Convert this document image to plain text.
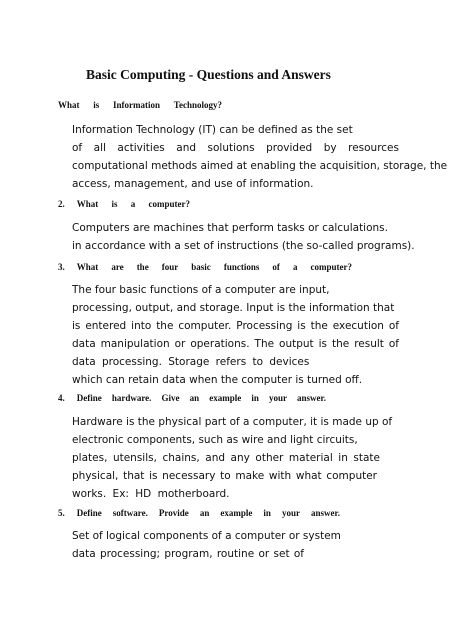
Basic Computing - Questions and Answers
What is Information Technology?
Information Technology (IT) can be defined as the set
of all activities and solutions provided by resources
computational methods aimed at enabling the acquisition, storage, the
access, management, and use of information.
2. What is a computer?
Computers are machines that perform tasks or calculations.
in accordance with a set of instructions (the so-called programs).
3. What are the four basic functions of a computer?
The four basic functions of a computer are input,
processing, output, and storage. Input is the information that
is entered into the computer. Processing is the execution of
data manipulation or operations. The output is the result of
data processing. Storage refers to devices
which can retain data when the computer is turned off.
4. Define hardware. Give an example in your answer.
Hardware is the physical part of a computer, it is made up of
electronic components, such as wire and light circuits,
plates, utensils, chains, and any other material in state
physical, that is necessary to make with what computer
works. Ex: HD motherboard.
5. Define software. Provide an example in your answer.
Set of logical components of a computer or system
data processing; program, routine or set of
